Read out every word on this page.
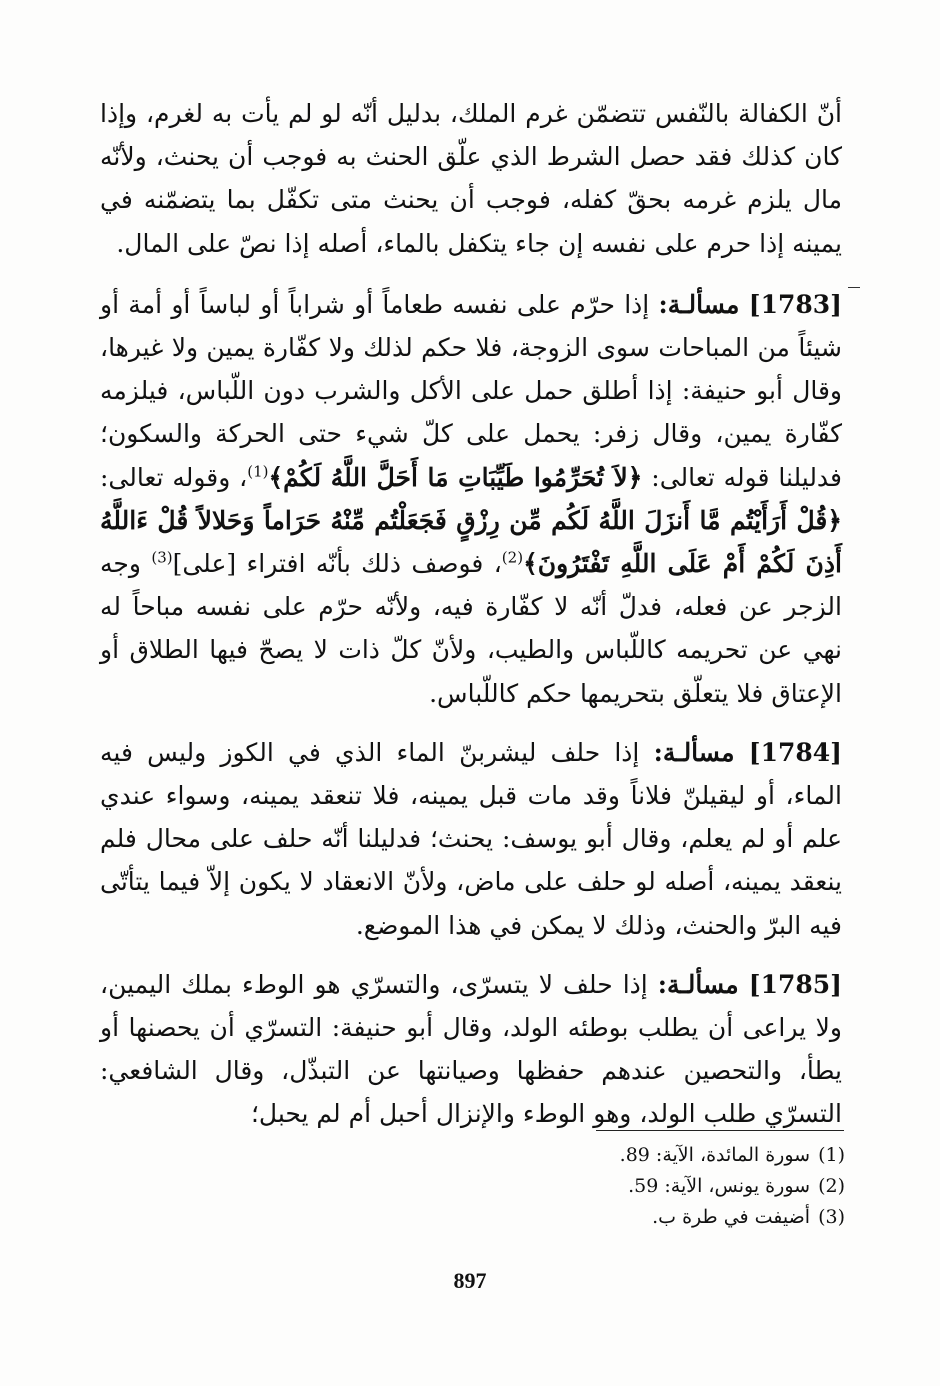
أنّ الكفالة بالنّفس تتضمّن غرم الملك، بدليل أنّه لو لم يأت به لغرم، وإذا كان كذلك فقد حصل الشرط الذي علّق الحنث به فوجب أن يحنث، ولأنّه مال يلزم غرمه بحقّ كفله، فوجب أن يحنث متى تكفّل بما يتضمّنه في يمينه إذا حرم على نفسه إن جاء يتكفل بالماء، أصله إذا نصّ على المال.

[1783] مسألـة: إذا حرّم على نفسه طعاماً أو شراباً أو لباساً أو أمة أو شيئاً من المباحات سوى الزوجة، فلا حكم لذلك ولا كفّارة يمين ولا غيرها، وقال أبو حنيفة: إذا أطلق حمل على الأكل والشرب دون اللّباس، فيلزمه كفّارة يمين، وقال زفر: يحمل على كلّ شيء حتى الحركة والسكون؛ فدليلنا قوله تعالى: ﴿لاَ تُحَرِّمُوا طَيِّبَاتِ مَا أَحَلَّ اللَّهُ لَكُمْ﴾$^{(1)}$، وقوله تعالى: ﴿قُلْ أَرَأَيْتُم مَّا أَنزَلَ اللَّهُ لَكُم مِّن رِزْقٍ فَجَعَلْتُم مِّنْهُ حَرَاماً وَحَلالاً قُلْ ءَاللَّهُ أَذِنَ لَكُمْ أَمْ عَلَى اللَّهِ تَفْتَرُونَ﴾$^{(2)}$، فوصف ذلك بأنّه افتراء [على]$^{(3)}$ وجه الزجر عن فعله، فدلّ أنّه لا كفّارة فيه، ولأنّه حرّم على نفسه مباحاً له نهي عن تحريمه كاللّباس والطيب، ولأنّ كلّ ذات لا يصحّ فيها الطلاق أو الإعتاق فلا يتعلّق بتحريمها حكم كاللّباس.

[1784] مسألـة: إذا حلف ليشربنّ الماء الذي في الكوز وليس فيه الماء، أو ليقيلنّ فلاناً وقد مات قبل يمينه، فلا تنعقد يمينه، وسواء عندي علم أو لم يعلم، وقال أبو يوسف: يحنث؛ فدليلنا أنّه حلف على محال فلم ينعقد يمينه، أصله لو حلف على ماض، ولأنّ الانعقاد لا يكون إلاّ فيما يتأتّى فيه البرّ والحنث، وذلك لا يمكن في هذا الموضع.

[1785] مسألـة: إذا حلف لا يتسرّى، والتسرّي هو الوطء بملك اليمين، ولا يراعى أن يطلب بوطئه الولد، وقال أبو حنيفة: التسرّي أن يحصنها أو يطأ، والتحصين عندهم حفظها وصيانتها عن التبذّل، وقال الشافعي: التسرّي طلب الولد، وهو الوطء والإنزال أحبل أم لم يحبل؛

(1)سورة المائدة، الآية: 89.
(2)سورة يونس، الآية: 59.
(3)أضيفت في طرة ب.
897
